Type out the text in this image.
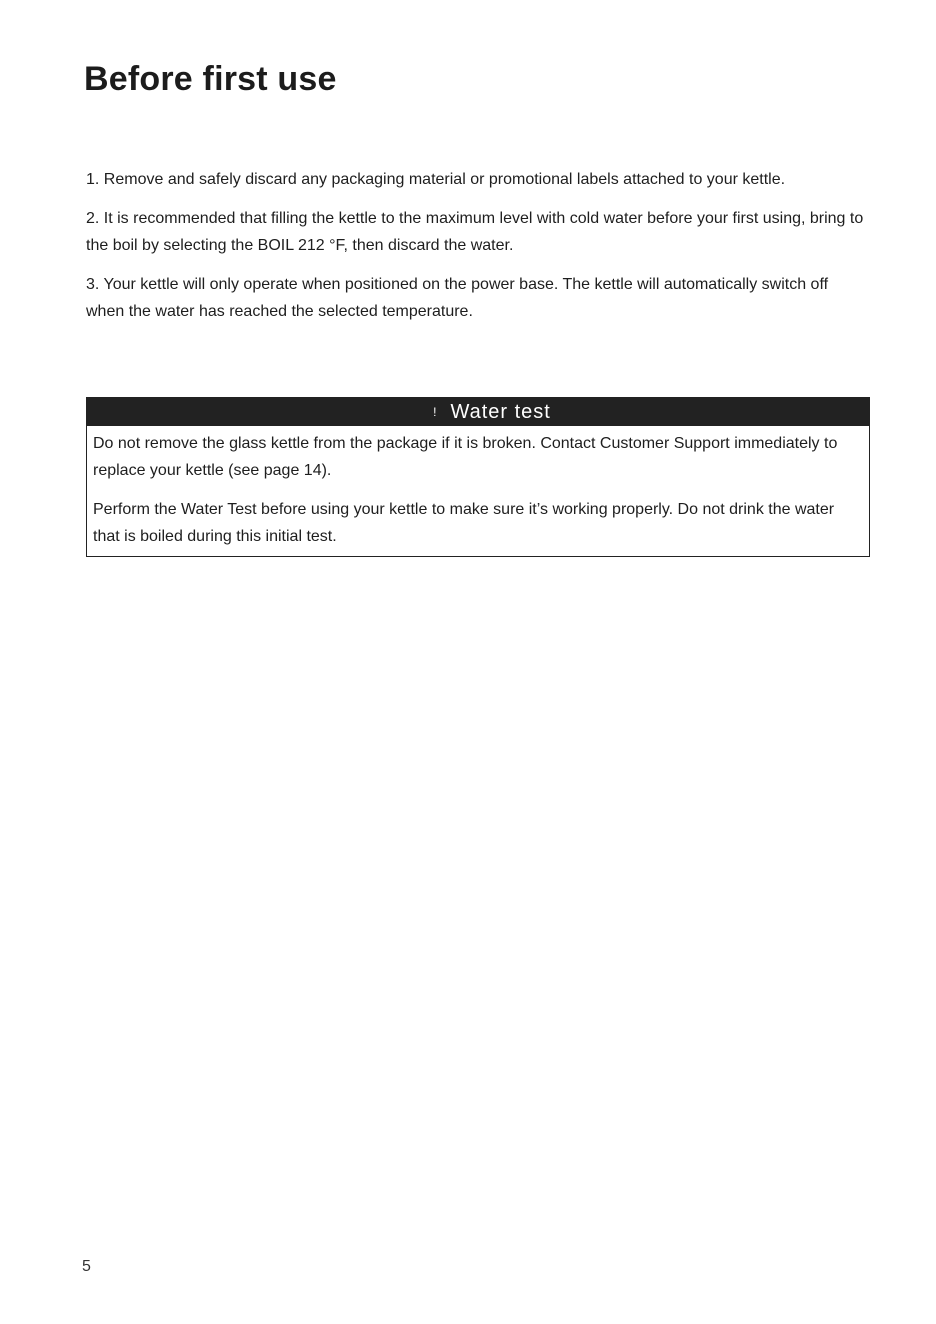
Before first use

1. Remove and safely discard any packaging material or promotional labels attached to your kettle.

2. It is recommended that filling the kettle to the maximum level with cold water before your first using, bring to the boil by selecting the BOIL 212 °F, then discard the water.

3. Your kettle will only operate when positioned on the power base. The kettle will automatically switch off when the water has reached the selected temperature.

! Water test

Do not remove the glass kettle from the package if it is broken. Contact Customer Support immediately to replace your kettle (see page 14).

Perform the Water Test before using your kettle to make sure it’s working properly. Do not drink the water that is boiled during this initial test.

5
